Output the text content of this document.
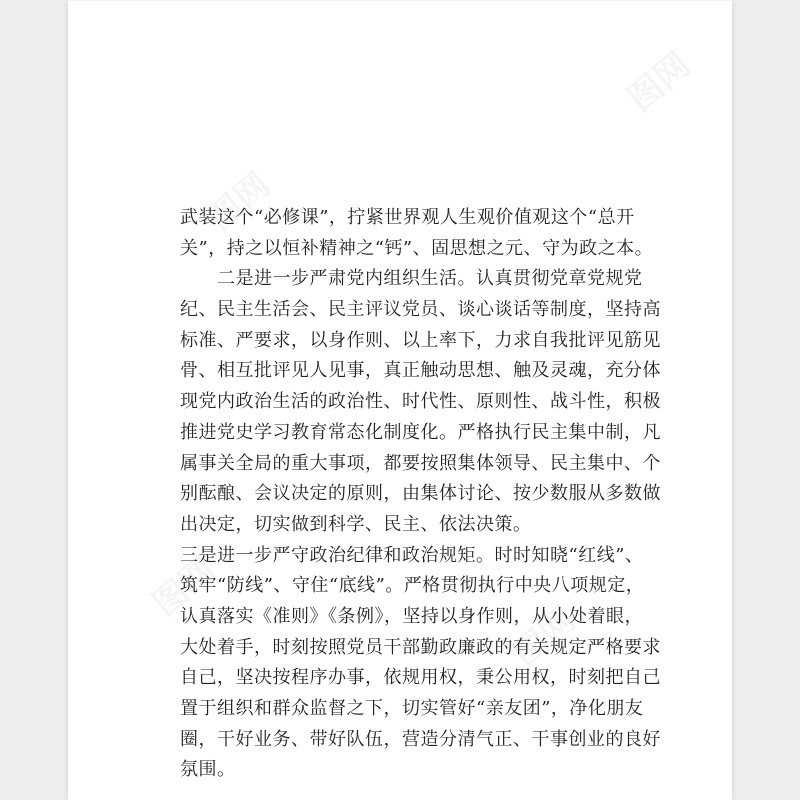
武装这个“必修课”，拧紧世界观人生观价值观这个“总开
关”，持之以恒补精神之“钙”、固思想之元、守为政之本。
二是进一步严肃党内组织生活。认真贯彻党章党规党
纪、民主生活会、民主评议党员、谈心谈话等制度，坚持高
标准、严要求，以身作则、以上率下，力求自我批评见筋见
骨、相互批评见人见事，真正触动思想、触及灵魂，充分体
现党内政治生活的政治性、时代性、原则性、战斗性，积极
推进党史学习教育常态化制度化。严格执行民主集中制，凡
属事关全局的重大事项，都要按照集体领导、民主集中、个
别酝酿、会议决定的原则，由集体讨论、按少数服从多数做
出决定，切实做到科学、民主、依法决策。
三是进一步严守政治纪律和政治规矩。时时知晓“红线”、
筑牢“防线”、守住“底线”。严格贯彻执行中央八项规定，
认真落实《准则》《条例》，坚持以身作则，从小处着眼，
大处着手，时刻按照党员干部勤政廉政的有关规定严格要求
自己，坚决按程序办事，依规用权，秉公用权，时刻把自己
置于组织和群众监督之下，切实管好“亲友团”，净化朋友
圈，干好业务、带好队伍，营造分清气正、干事创业的良好
氛围。
